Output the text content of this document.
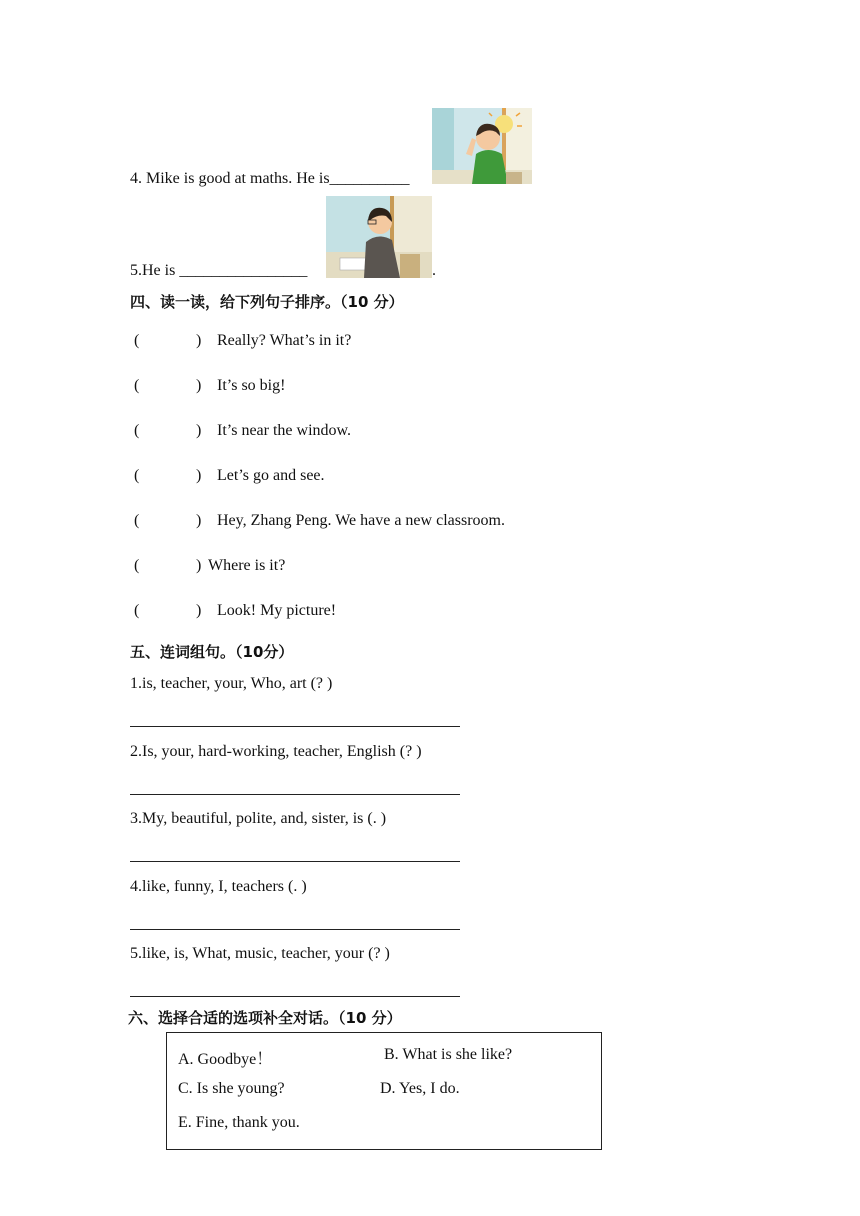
4. Mike is good at maths. He is__________
5.He is ________________	.
四、读一读，给下列句子排序。（10 分）
(	) Really? What’s in it?
(	) It’s so big!
(	) It’s near the window.
(	) Let’s go and see.
(	) Hey, Zhang Peng. We have a new classroom.
(	) Where is it?
(	) Look! My picture!
五、连词组句。（10分）
1.is, teacher, your, Who, art (? )
2.Is, your, hard-working, teacher, English (? )
3.My, beautiful, polite, and, sister, is (. )
4.like, funny, I, teachers (. )
5.like, is, What, music, teacher, your (? )
六、选择合适的选项补全对话。（10 分）
A. Goodbye！	B. What is she like?
C. Is she young?	D. Yes, I do.
E. Fine, thank you.
